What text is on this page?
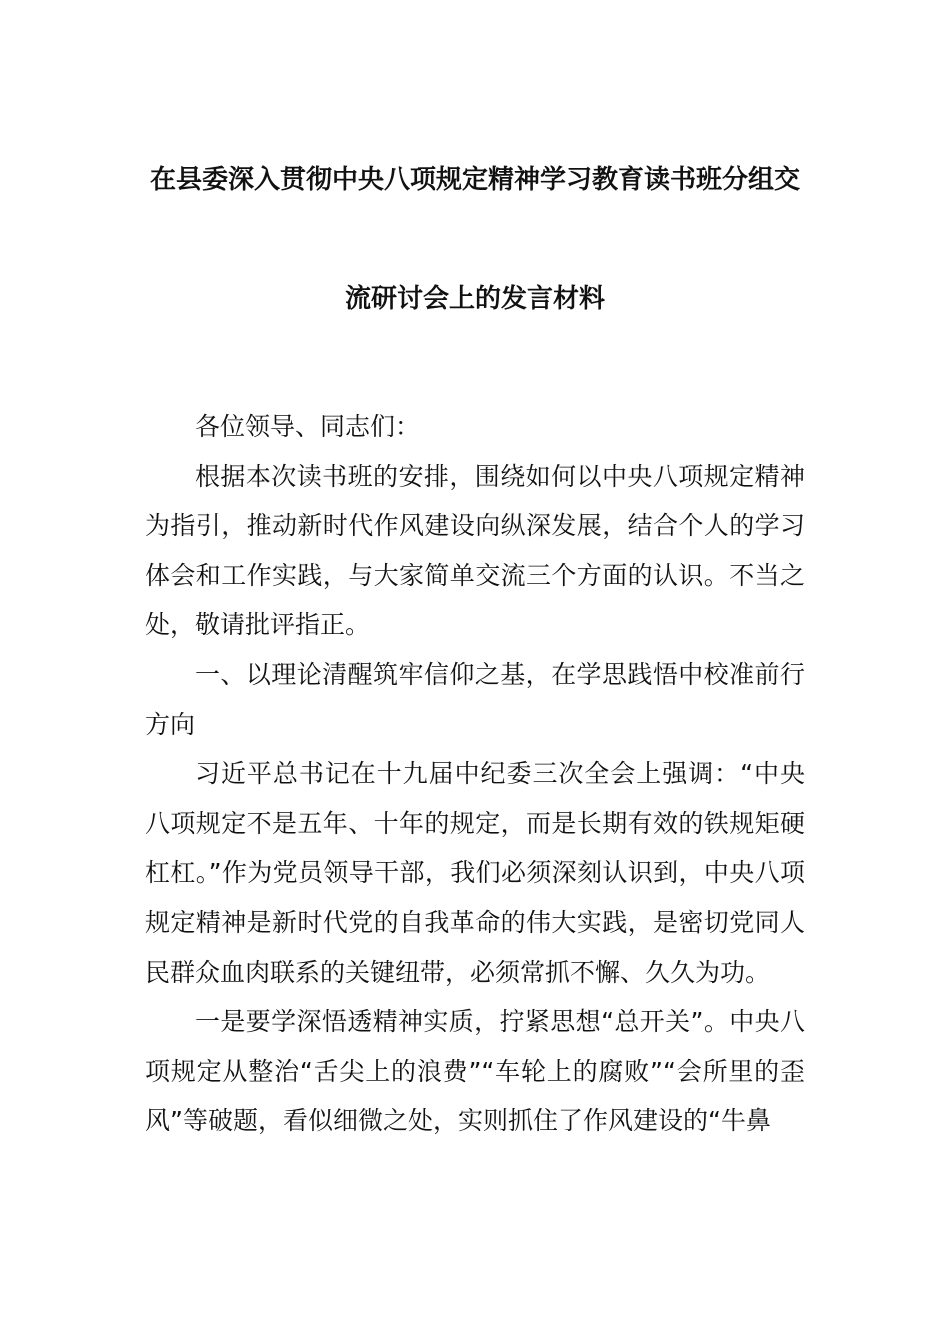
在县委深入贯彻中央八项规定精神学习教育读书班分组交
流研讨会上的发言材料

各位领导、同志们：

根据本次读书班的安排，围绕如何以中央八项规定精神为指引，推动新时代作风建设向纵深发展，结合个人的学习体会和工作实践，与大家简单交流三个方面的认识。不当之处，敬请批评指正。

一、以理论清醒筑牢信仰之基，在学思践悟中校准前行方向

习近平总书记在十九届中纪委三次全会上强调：“中央八项规定不是五年、十年的规定，而是长期有效的铁规矩硬杠杠。”作为党员领导干部，我们必须深刻认识到，中央八项规定精神是新时代党的自我革命的伟大实践，是密切党同人民群众血肉联系的关键纽带，必须常抓不懈、久久为功。

一是要学深悟透精神实质，拧紧思想“总开关”。中央八项规定从整治“舌尖上的浪费”“车轮上的腐败”“会所里的歪风”等破题，看似细微之处，实则抓住了作风建设的“牛鼻
